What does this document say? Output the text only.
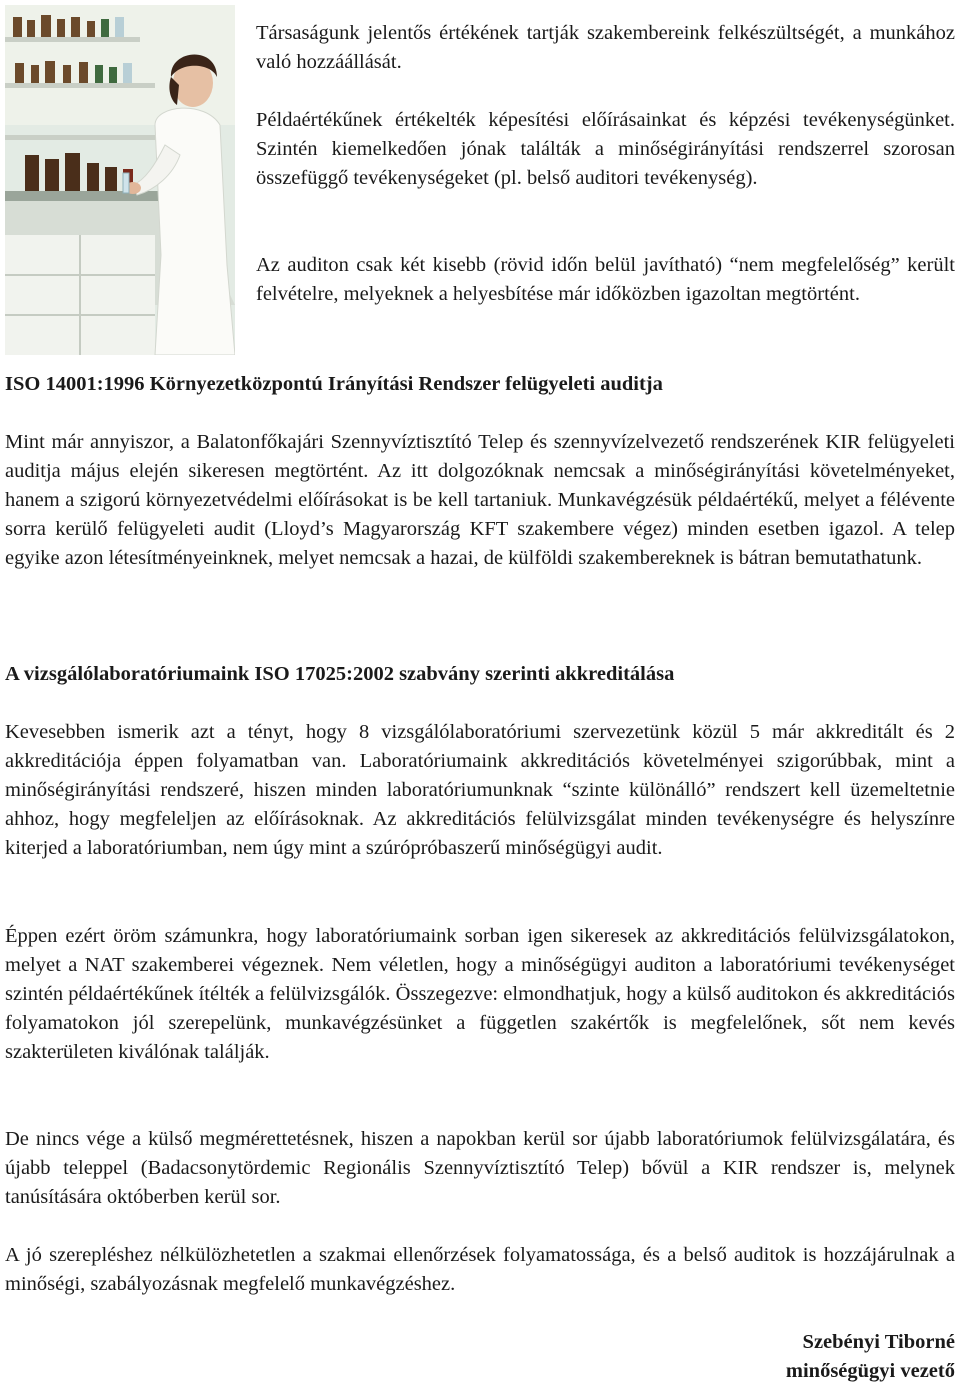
Társaságunk jelentős értékének tartják szakembereink felkészültségét, a munkához való hozzáállását.

Példaértékűnek értékelték képesítési előírásainkat és képzési tevékenységünket. Szintén kiemelkedően jónak találták a minőségirányítási rendszerrel szorosan összefüggő tevékenységeket (pl. belső auditori tevékenység).

Az auditon csak két kisebb (rövid időn belül javítható) “nem megfelelőség” került felvételre, melyeknek a helyesbítése már időközben igazoltan megtörtént.

ISO 14001:1996 Környezetközpontú Irányítási Rendszer felügyeleti auditja

Mint már annyiszor, a Balatonfőkajári Szennyvíztisztító Telep és szennyvízelvezető rendszerének KIR felügyeleti auditja május elején sikeresen megtörtént. Az itt dolgozóknak nemcsak a minőségirányítási követelményeket, hanem a szigorú környezetvédelmi előírásokat is be kell tartaniuk. Munkavégzésük példaértékű, melyet a félévente sorra kerülő felügyeleti audit (Lloyd’s Magyarország KFT szakembere végez) minden esetben igazol. A telep egyike azon létesítményeinknek, melyet nemcsak a hazai, de külföldi szakembereknek is bátran bemutathatunk.

A vizsgálólaboratóriumaink ISO 17025:2002 szabvány szerinti akkreditálása

Kevesebben ismerik azt a tényt, hogy 8 vizsgálólaboratóriumi szervezetünk közül 5 már akkreditált és 2 akkreditációja éppen folyamatban van. Laboratóriumaink akkreditációs követelményei szigorúbbak, mint a minőségirányítási rendszeré, hiszen minden laboratóriumunknak “szinte különálló” rendszert kell üzemeltetnie ahhoz, hogy megfeleljen az előírásoknak. Az akkreditációs felülvizsgálat minden tevékenységre és helyszínre kiterjed a laboratóriumban, nem úgy mint a szúrópróbaszerű minőségügyi audit.

Éppen ezért öröm számunkra, hogy laboratóriumaink sorban igen sikeresek az akkreditációs felülvizsgálatokon, melyet a NAT szakemberei végeznek. Nem véletlen, hogy a minőségügyi auditon a laboratóriumi tevékenységet szintén példaértékűnek ítélték a felülvizsgálók. Összegezve: elmondhatjuk, hogy a külső auditokon és akkreditációs folyamatokon jól szerepelünk, munkavégzésünket a független szakértők is megfelelőnek, sőt nem kevés szakterületen kiválónak találják.

De nincs vége a külső megmérettetésnek, hiszen a napokban kerül sor újabb laboratóriumok felülvizsgálatára, és újabb teleppel (Badacsonytördemic Regionális Szennyvíztisztító Telep) bővül a KIR rendszer is, melynek tanúsítására októberben kerül sor.

A jó szerepléshez nélkülözhetetlen a szakmai ellenőrzések folyamatossága, és a belső auditok is hozzájárulnak a minőségi, szabályozásnak megfelelő munkavégzéshez.

Szebényi Tiborné
minőségügyi vezető
